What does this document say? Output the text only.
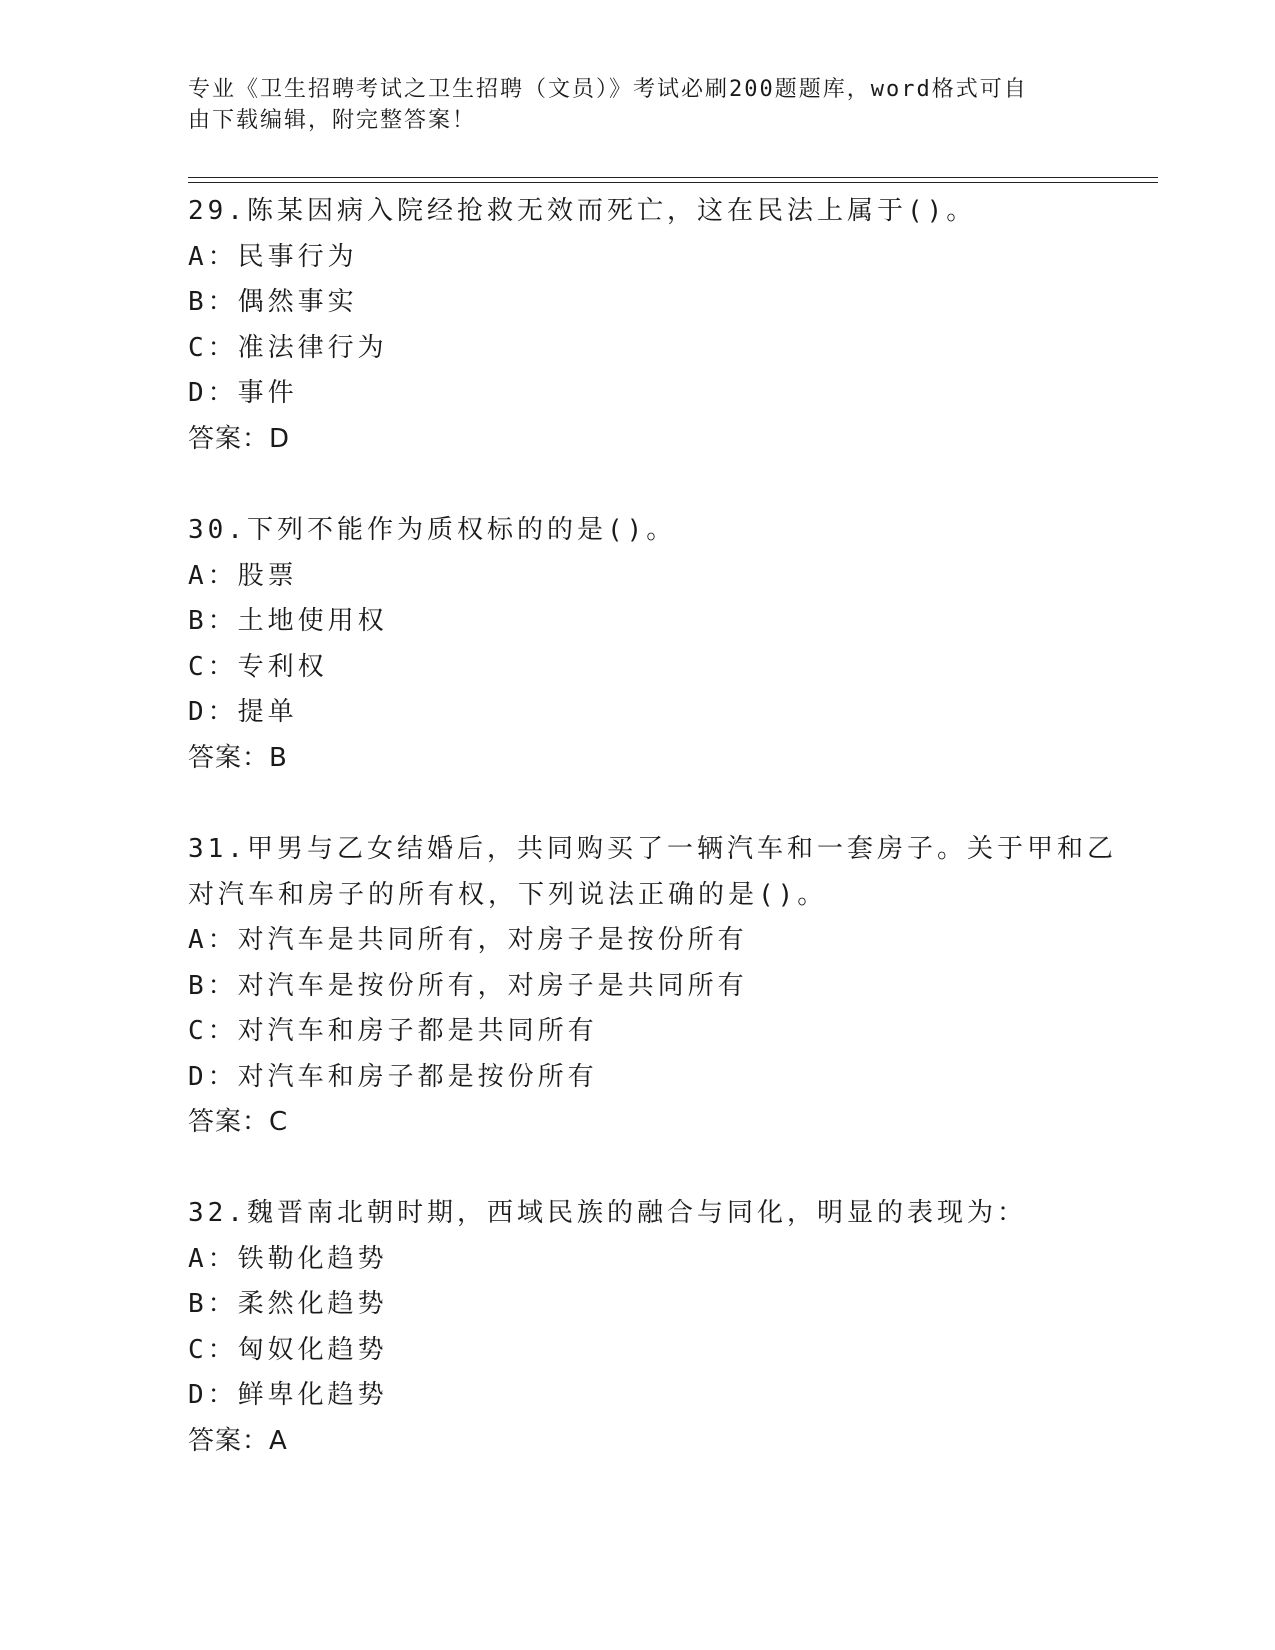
专业《卫生招聘考试之卫生招聘（文员）》考试必刷200题题库，word格式可自
由下载编辑，附完整答案！
29.陈某因病入院经抢救无效而死亡，这在民法上属于()。
A：民事行为
B：偶然事实
C：准法律行为
D：事件
答案：D
30.下列不能作为质权标的的是()。
A：股票
B：土地使用权
C：专利权
D：提单
答案：B
31.甲男与乙女结婚后，共同购买了一辆汽车和一套房子。关于甲和乙
对汽车和房子的所有权，下列说法正确的是()。
A：对汽车是共同所有，对房子是按份所有
B：对汽车是按份所有，对房子是共同所有
C：对汽车和房子都是共同所有
D：对汽车和房子都是按份所有
答案：C
32.魏晋南北朝时期，西域民族的融合与同化，明显的表现为：
A：铁勒化趋势
B：柔然化趋势
C：匈奴化趋势
D：鲜卑化趋势
答案：A
